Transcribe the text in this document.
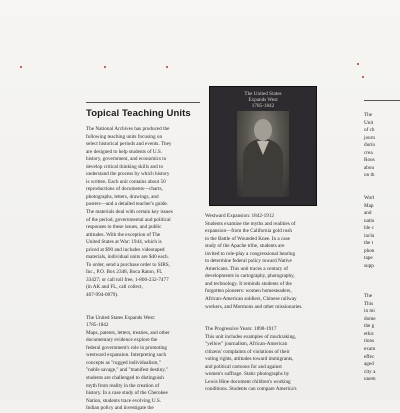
Topical Teaching Units

The National Archives has produced the

following teaching units focusing on

select historical periods and events. They

are designed to help students of U.S.

history, government, and economics to

develop critical thinking skills and to

understand the process by which history

is written. Each unit contains about 50

reproductions of documents—charts,

photographs, letters, drawings, and

posters—and a detailed teacher's guide.

The materials deal with certain key issues

of the period, governmental and political

responses to these issues, and public

attitudes. With the exception of The

United States at War: 1944, which is

priced at $90 and includes videotaped

materials, individual units are $40 each.

To order, send a purchase order to SIRS,

Inc., P.O. Box 2348, Boca Raton, FL

33427; or call toll free, 1-800-232-7477

(in AK and FL, call collect,

407-994-0079).

The United States Expands West:

1785-1842

Maps, patents, letters, treaties, and other

documentary evidence explore the

federal government's role in promoting

westward expansion. Interpreting such

concepts as "rugged individualism,"

"noble savage," and "manifest destiny,"

students are challenged to distinguish

myth from reality in the creation of

history. In a case study of the Cherokee

Nation, students trace evolving U.S.

Indian policy and investigate the

The United States
Expands West
1785-1842

Westward Expansion: 1842-1912

Students examine the myths and realities of

expansion—from the California gold rush

to the Battle of Wounded Knee. In a case

study of the Apache tribe, students are

invited to role-play a congressional hearing

to determine federal policy toward Native

Americans. This unit traces a century of

developments in cartography, photography,

and technology. It reminds students of the

forgotten pioneers: women homesteaders,

African-American soldiers, Chinese railway

workers, and Mormons and other missionaries.

The Progressive Years: 1898-1917

This unit includes examples of muckraking,

"yellow" journalism, African-American

citizens' complaints of violations of their

voting rights, attitudes toward immigrants,

and political cartoons for and against

women's suffrage. Static photographs by

Lewis Hine document children's working

conditions. Students can compare America's

The

Unit

of ch

journ

durin

crea

Roos

abou

on th

Worl

Map

and

natio

ble c

inclu

the t

phon

tape

supp

The

This

in mi

dome

the g

ethic

tions

exam

effec

aged

city a

unem
